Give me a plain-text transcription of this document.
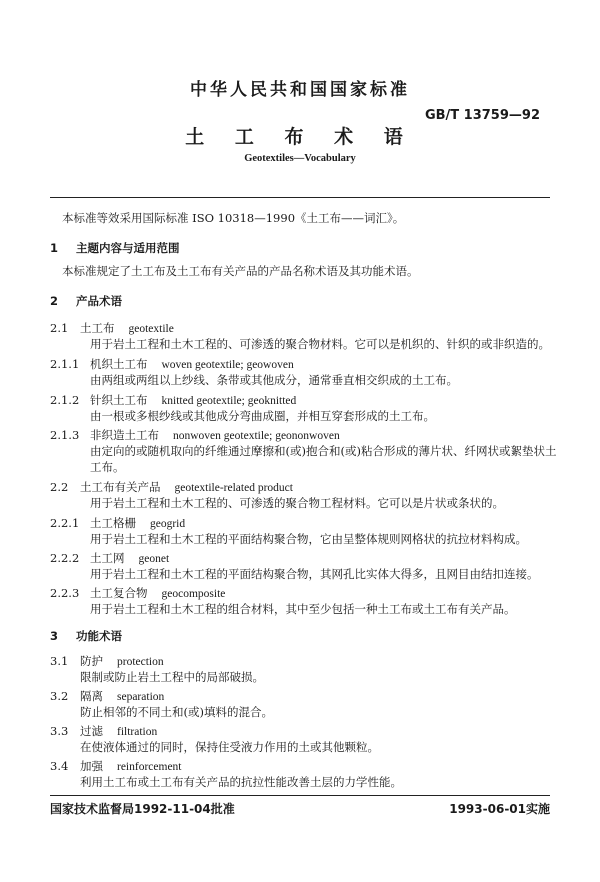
中华人民共和国国家标准
GB/T 13759—92
土 工 布 术 语
Geotextiles—Vocabulary
本标准等效采用国际标准 ISO 10318—1990《土工布——词汇》。
1 主题内容与适用范围
本标准规定了土工布及土工布有关产品的产品名称术语及其功能术语。
2 产品术语
2.1 土工布 geotextile
用于岩土工程和土木工程的、可渗透的聚合物材料。它可以是机织的、针织的或非织造的。
2.1.1 机织土工布 woven geotextile; geowoven
由两组或两组以上纱线、条带或其他成分，通常垂直相交织成的土工布。
2.1.2 针织土工布 knitted geotextile; geoknitted
由一根或多根纱线或其他成分弯曲成圈，并相互穿套形成的土工布。
2.1.3 非织造土工布 nonwoven geotextile; geononwoven
由定向的或随机取向的纤维通过摩擦和(或)抱合和(或)粘合形成的薄片状、纤网状或絮垫状土
工布。
2.2 土工布有关产品 geotextile-related product
用于岩土工程和土木工程的、可渗透的聚合物工程材料。它可以是片状或条状的。
2.2.1 土工格栅 geogrid
用于岩土工程和土木工程的平面结构聚合物，它由呈整体规则网格状的抗拉材料构成。
2.2.2 土工网 geonet
用于岩土工程和土木工程的平面结构聚合物，其网孔比实体大得多，且网目由结扣连接。
2.2.3 土工复合物 geocomposite
用于岩土工程和土木工程的组合材料，其中至少包括一种土工布或土工布有关产品。
3 功能术语
3.1 防护 protection
限制或防止岩土工程中的局部破损。
3.2 隔离 separation
防止相邻的不同土和(或)填料的混合。
3.3 过滤 filtration
在使液体通过的同时，保持住受液力作用的土或其他颗粒。
3.4 加强 reinforcement
利用土工布或土工布有关产品的抗拉性能改善土层的力学性能。
国家技术监督局1992-11-04批准	1993-06-01实施
